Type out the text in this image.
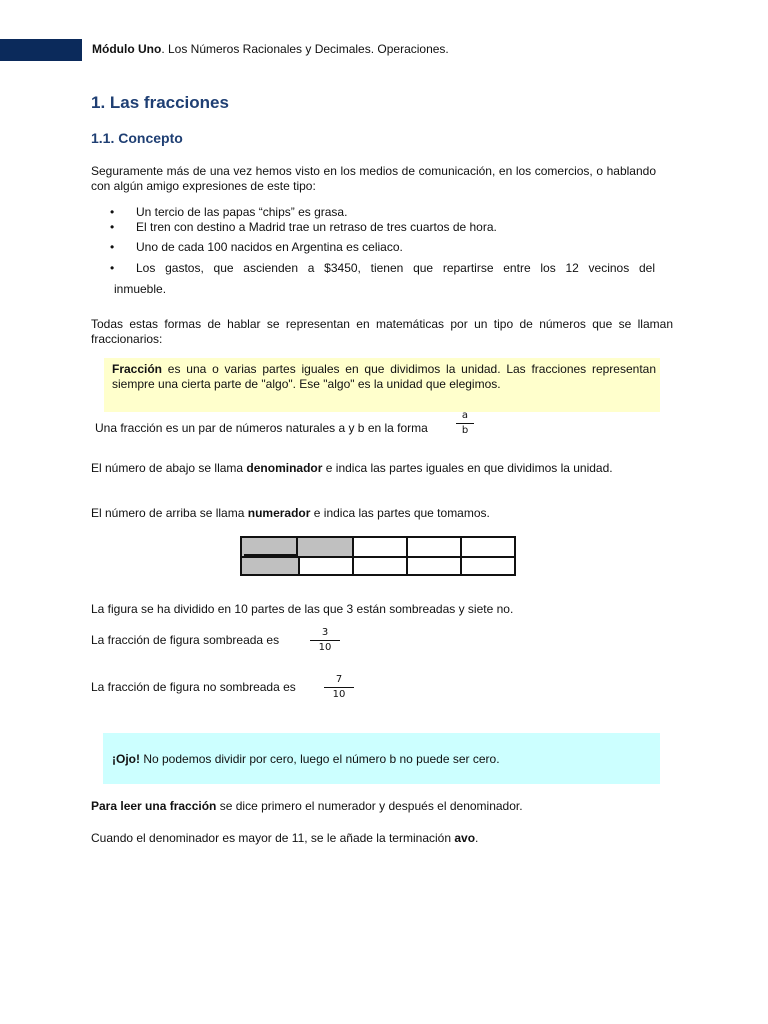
Módulo Uno. Los Números Racionales y Decimales. Operaciones.
1. Las fracciones
1.1. Concepto

Seguramente más de una vez hemos visto en los medios de comunicación, en los comercios, o hablando con algún amigo expresiones de este tipo:

•	Un tercio de las papas “chips” es grasa.
•	El tren con destino a Madrid trae un retraso de tres cuartos de hora.
•	Uno de cada 100 nacidos en Argentina es celiaco.
•	Los gastos, que ascienden a $3450, tienen que repartirse entre los 12 vecinos del
inmueble.

Todas estas formas de hablar se representan en matemáticas por un tipo de números que se llaman fraccionarios:

Fracción es una o varias partes iguales en que dividimos la unidad. Las fracciones representan siempre una cierta parte de "algo". Ese "algo" es la unidad que elegimos.

Una fracción es un par de números naturales a y b en la forma

a
b

El número de abajo se llama denominador e indica las partes iguales en que dividimos la unidad.

El número de arriba se llama numerador e indica las partes que tomamos.

La figura se ha dividido en 10 partes de las que 3 están sombreadas y siete no.

La fracción de figura sombreada es

3
10

La fracción de figura no sombreada es

7
10

¡Ojo! No podemos dividir por cero, luego el número b no puede ser cero.

Para leer una fracción se dice primero el numerador y después el denominador.

Cuando el denominador es mayor de 11, se le añade la terminación avo.
